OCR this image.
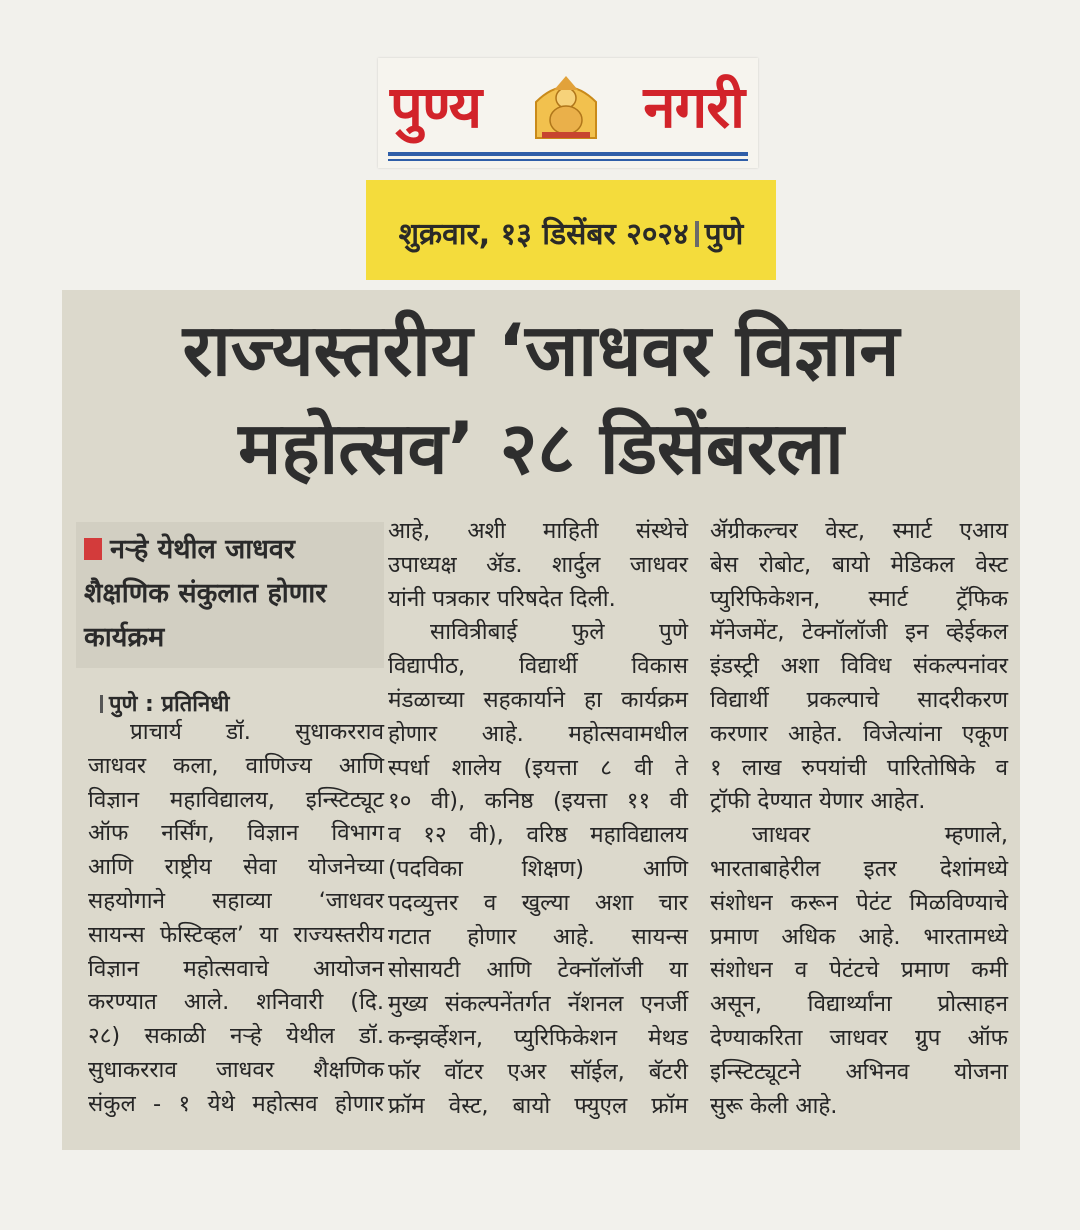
पुण्य	नगरी
शुक्रवार, १३ डिसेंबर २०२४ पुणे
राज्यस्तरीय ‘जाधवर विज्ञान
महोत्सव’ २८ डिसेंबरला
नऱ्हे येथील जाधवर शैक्षणिक संकुलात होणार कार्यक्रम
पुणे : प्रतिनिधी

प्राचार्य डॉ. सुधाकरराव

जाधवर कला, वाणिज्य आणि

विज्ञान महाविद्यालय, इन्स्टिट्यूट

ऑफ नर्सिंग, विज्ञान विभाग

आणि राष्ट्रीय सेवा योजनेच्या

सहयोगाने सहाव्या ‘जाधवर

सायन्स फेस्टिव्हल’ या राज्यस्तरीय

विज्ञान महोत्सवाचे आयोजन

करण्यात आले. शनिवारी (दि.

२८) सकाळी नऱ्हे येथील डॉ.

सुधाकरराव जाधवर शैक्षणिक

संकुल - १ येथे महोत्सव होणार

आहे, अशी माहिती संस्थेचे

उपाध्यक्ष ॲड. शार्दुल जाधवर

यांनी पत्रकार परिषदेत दिली.

सावित्रीबाई फुले पुणे

विद्यापीठ, विद्यार्थी विकास

मंडळाच्या सहकार्याने हा कार्यक्रम

होणार आहे. महोत्सवामधील

स्पर्धा शालेय (इयत्ता ८ वी ते

१० वी), कनिष्ठ (इयत्ता ११ वी

व १२ वी), वरिष्ठ महाविद्यालय

(पदविका शिक्षण) आणि

पदव्युत्तर व खुल्या अशा चार

गटात होणार आहे. सायन्स

सोसायटी आणि टेक्नॉलॉजी या

मुख्य संकल्पनेंतर्गत नॅशनल एनर्जी

कन्झर्व्हेशन, प्युरिफिकेशन मेथड

फॉर वॉटर एअर सॉईल, बॅटरी

फ्रॉम वेस्ट, बायो फ्युएल फ्रॉम

ॲग्रीकल्चर वेस्ट, स्मार्ट एआय

बेस रोबोट, बायो मेडिकल वेस्ट

प्युरिफिकेशन, स्मार्ट ट्रॅफिक

मॅनेजमेंट, टेक्नॉलॉजी इन व्हेईकल

इंडस्ट्री अशा विविध संकल्पनांवर

विद्यार्थी प्रकल्पाचे सादरीकरण

करणार आहेत. विजेत्यांना एकूण

१ लाख रुपयांची पारितोषिके व

ट्रॉफी देण्यात येणार आहेत.

जाधवर म्हणाले,

भारताबाहेरील इतर देशांमध्ये

संशोधन करून पेटंट मिळविण्याचे

प्रमाण अधिक आहे. भारतामध्ये

संशोधन व पेटंटचे प्रमाण कमी

असून, विद्यार्थ्यांना प्रोत्साहन

देण्याकरिता जाधवर ग्रुप ऑफ

इन्स्टिट्यूटने अभिनव योजना

सुरू केली आहे.
